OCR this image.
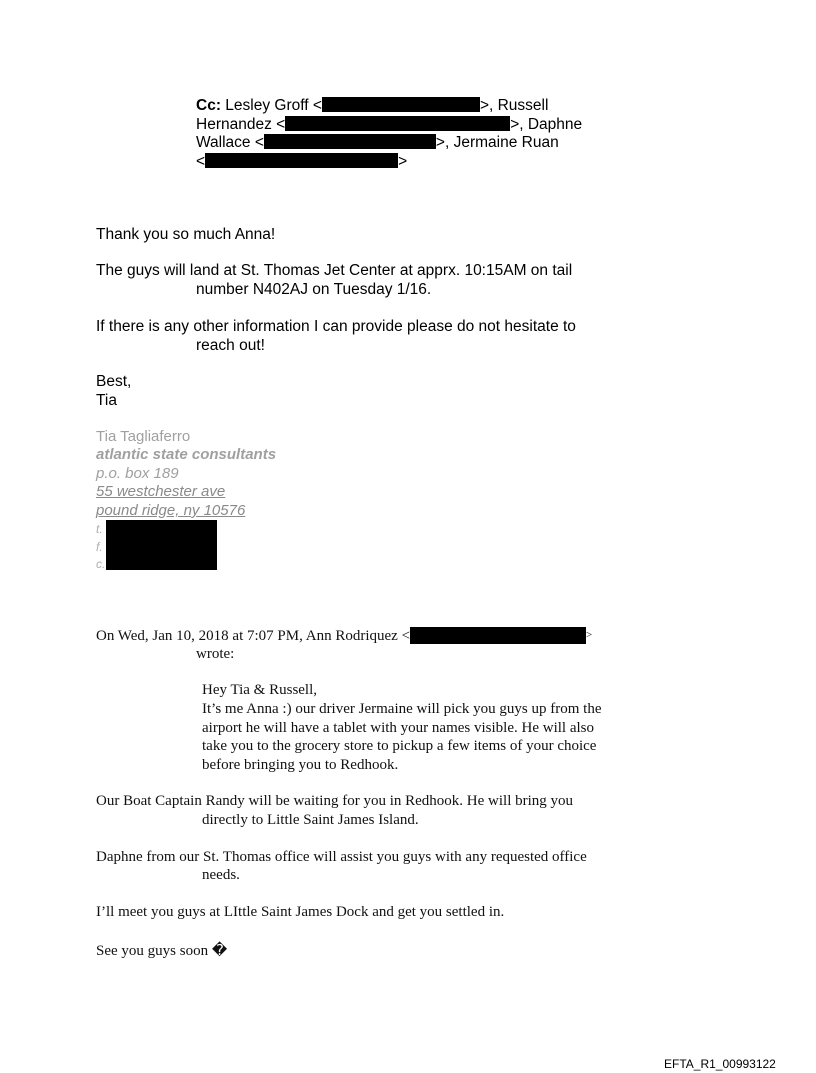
Cc: Lesley Groff <	>, Russell
Hernandez <	>, Daphne
Wallace <	>, Jermaine Ruan
<	>
Thank you so much Anna!
The guys will land at St. Thomas Jet Center at apprx. 10:15AM on tail
number N402AJ on Tuesday 1/16.
If there is any other information I can provide please do not hesitate to
reach out!
Best,
Tia
Tia Tagliaferro
atlantic state consultants
p.o. box 189
55 westchester ave
pound ridge, ny 10576
t.
f.
c.
On Wed, Jan 10, 2018 at 7:07 PM, Ann Rodriquez <	>
wrote:
Hey Tia & Russell,
It’s me Anna :) our driver Jermaine will pick you guys up from the
airport he will have a tablet with your names visible. He will also
take you to the grocery store to pickup a few items of your choice
before bringing you to Redhook.
Our Boat Captain Randy will be waiting for you in Redhook. He will bring you
directly to Little Saint James Island.
Daphne from our St. Thomas office will assist you guys with any requested office
needs.
I’ll meet you guys at LIttle Saint James Dock and get you settled in.
See you guys soon �
EFTA_R1_00993122
